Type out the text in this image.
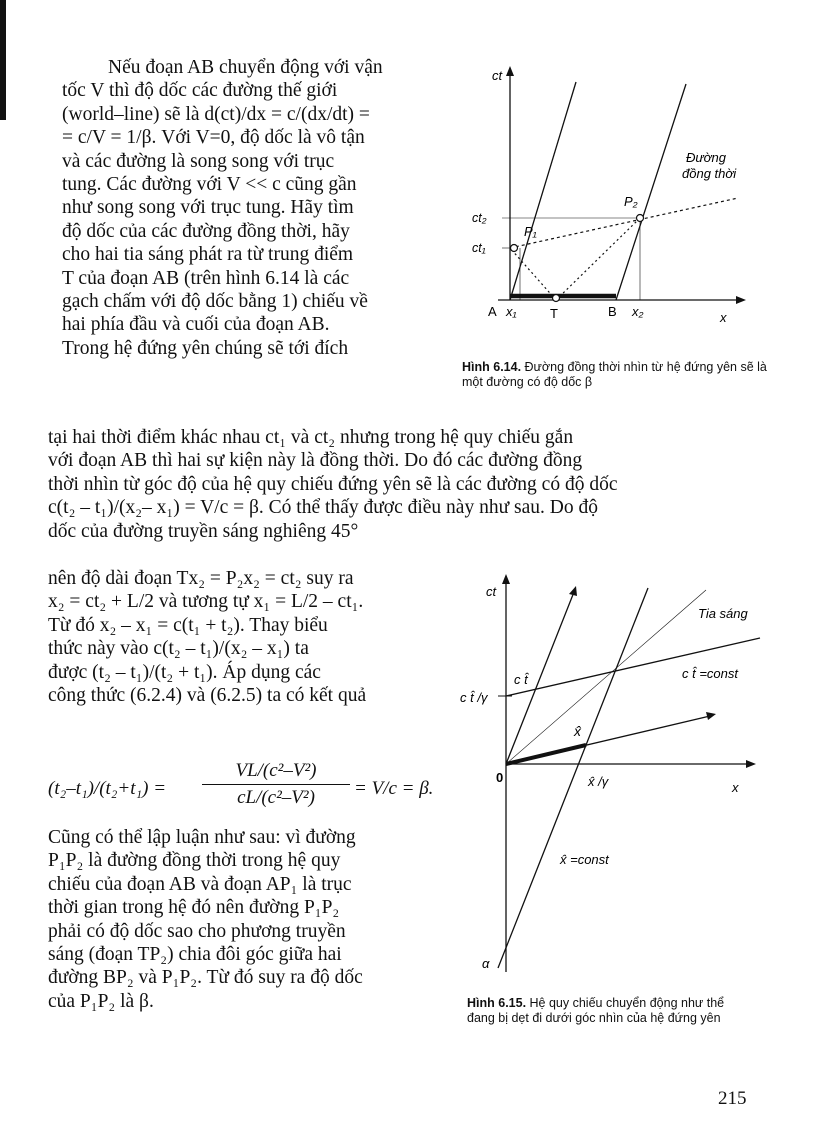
Nếu đoạn AB chuyển động với vận
tốc V thì độ dốc các đường thế giới
(world–line) sẽ là d(ct)/dx = c/(dx/dt) =
= c/V = 1/β. Với V=0, độ dốc là vô tận
và các đường là song song với trục
tung. Các đường với V << c cũng gần
như song song với trục tung. Hãy tìm
độ dốc của các đường đồng thời, hãy
cho hai tia sáng phát ra từ trung điểm
T của đoạn AB (trên hình 6.14 là các
gạch chấm với độ dốc bằng 1) chiếu về
hai phía đầu và cuối của đoạn AB.
Trong hệ đứng yên chúng sẽ tới đích
ct
x
ct₂
ct₁
P₁
P₂
A x₁	T	B x₂
Đường
đồng thời
Hình 6.14. Đường đồng thời nhìn từ hệ đứng yên sẽ là một đường có độ dốc β
tại hai thời điểm khác nhau ct₁ và ct₂ nhưng trong hệ quy chiếu gắn
với đoạn AB thì hai sự kiện này là đồng thời. Do đó các đường đồng
thời nhìn từ góc độ của hệ quy chiếu đứng yên sẽ là các đường có độ dốc
c(t₂ – t₁)/(x₂– x₁) = V/c = β. Có thể thấy được điều này như sau. Do độ
dốc của đường truyền sáng nghiêng 45°
nên độ dài đoạn Tx₂ = P₂x₂ = ct₂ suy ra
x₂ = ct₂ + L/2 và tương tự x₁ = L/2 – ct₁.
Từ đó x₂ – x₁ = c(t₁ + t₂). Thay biểu
thức này vào c(t₂ – t₁)/(x₂ – x₁) ta
được (t₂ – t₁)/(t₂ + t₁). Áp dụng các
công thức (6.2.4) và (6.2.5) ta có kết quả
$(t_2-t_1)/(t_2+t_1) = \frac{\text{VL/(c²–V²)}}{\text{cL/(c²–V²)}} = V/c = \beta$.
Cũng có thể lập luận như sau: vì đường
P₁P₂ là đường đồng thời trong hệ quy
chiếu của đoạn AB và đoạn AP₁ là trục
thời gian trong hệ đó nên đường P₁P₂
phải có độ dốc sao cho phương truyền
sáng (đoạn TP₂) chia đôi góc giữa hai
đường BP₂ và P₁P₂. Từ đó suy ra độ dốc
của P₁P₂ là β.
ct
x
0
α
Tia sáng
c t̂	c t̂ =const
c t̂ /γ
x̂
x̂ /γ
x̂ =const
Hình 6.15. Hệ quy chiếu chuyển động như thể đang bị dẹt đi dưới góc nhìn của hệ đứng yên
215
